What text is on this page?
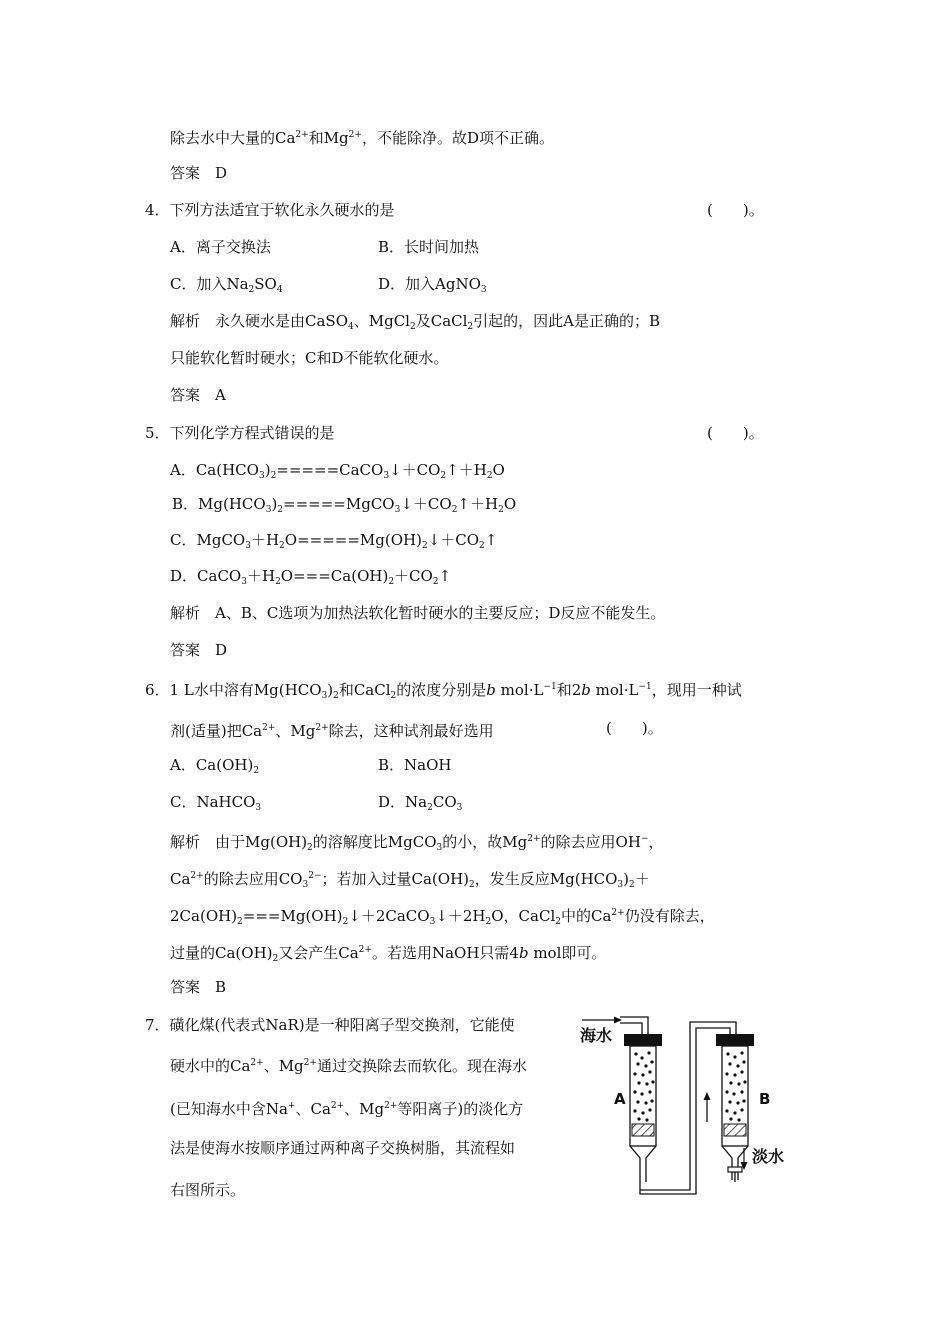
除去水中大量的$Ca^{2+}$和$Mg^{2+}$，不能除净。故D项不正确。
答案　D
4．下列方法适宜于软化永久硬水的是	(　　)。
A．离子交换法	B．长时间加热
C．加入$Na_2SO_4$	D．加入AgNO$_3$
解析　永久硬水是由CaSO$_4$、MgCl$_2$及CaCl$_2$引起的，因此A是正确的；B
只能软化暂时硬水；C和D不能软化硬水。
答案　A
5．下列化学方程式错误的是	(　　)。
A．$Ca(HCO_3)_2=====CaCO_3↓+CO_2↑+H_2O$
B．$Mg(HCO_3)_2=====MgCO_3↓+CO_2↑+H_2O$
C．$MgCO_3+H_2O=====Mg(OH)_2↓+CO_2↑$
D．$CaCO_3+H_2O===Ca(OH)_2+CO_2↑$
解析　A、B、C选项为加热法软化暂时硬水的主要反应；D反应不能发生。
答案　D
6．1 L水中溶有$Mg(HCO_3)_2$和CaCl$_2$的浓度分别是b $mol\cdot L^{-1}$和2b $mol\cdot L^{-1}$，现用一种试
剂(适量)把$Ca^{2+}$、$Mg^{2+}$除去，这种试剂最好选用	(　　)。
A．$Ca(OH)_2$	B．NaOH
C．NaHCO$_3$	D．$Na_2CO_3$
解析　由于$Mg(OH)_2$的溶解度比MgCO$_3$的小，故$Mg^{2+}$的除去应用OH−，
$Ca^{2+}$的除去应用$CO_3^{2-}$；若加入过量$Ca(OH)_2$，发生反应$Mg(HCO_3)_2+$
$2Ca(OH)_2===Mg(OH)_2↓+2CaCO_3↓+2H_2O$，CaCl$_2$中的$Ca^{2+}$仍没有除去，
过量的$Ca(OH)_2$又会产生$Ca^{2+}$。若选用NaOH只需4b mol即可。
答案　B
7．磺化煤(代表式NaR)是一种阳离子型交换剂，它能使
硬水中的$Ca^{2+}$、$Mg^{2+}$通过交换除去而软化。现在海水
(已知海水中含Na+、$Ca^{2+}$、$Mg^{2+}$等阳离子)的淡化方
法是使海水按顺序通过两种离子交换树脂，其流程如
右图所示。
海水
A	B
淡水
